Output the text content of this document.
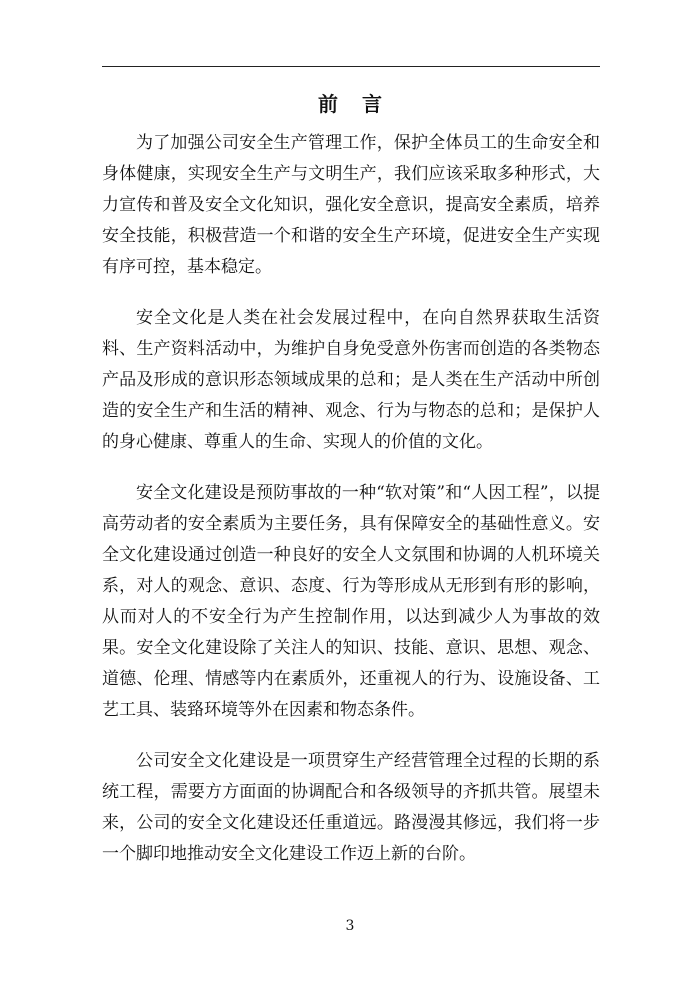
前言

为了加强公司安全生产管理工作，保护全体员工的生命安全和身体健康，实现安全生产与文明生产，我们应该采取多种形式，大力宣传和普及安全文化知识，强化安全意识，提高安全素质，培养安全技能，积极营造一个和谐的安全生产环境，促进安全生产实现有序可控，基本稳定。

安全文化是人类在社会发展过程中，在向自然界获取生活资料、生产资料活动中，为维护自身免受意外伤害而创造的各类物态产品及形成的意识形态领域成果的总和；是人类在生产活动中所创造的安全生产和生活的精神、观念、行为与物态的总和；是保护人的身心健康、尊重人的生命、实现人的价值的文化。

安全文化建设是预防事故的一种“软对策”和“人因工程”，以提高劳动者的安全素质为主要任务，具有保障安全的基础性意义。安全文化建设通过创造一种良好的安全人文氛围和协调的人机环境关系，对人的观念、意识、态度、行为等形成从无形到有形的影响，从而对人的不安全行为产生控制作用，以达到减少人为事故的效果。安全文化建设除了关注人的知识、技能、意识、思想、观念、道德、伦理、情感等内在素质外，还重视人的行为、设施设备、工艺工具、装臵环境等外在因素和物态条件。

公司安全文化建设是一项贯穿生产经营管理全过程的长期的系统工程，需要方方面面的协调配合和各级领导的齐抓共管。展望未来，公司的安全文化建设还任重道远。路漫漫其修远，我们将一步一个脚印地推动安全文化建设工作迈上新的台阶。

3
